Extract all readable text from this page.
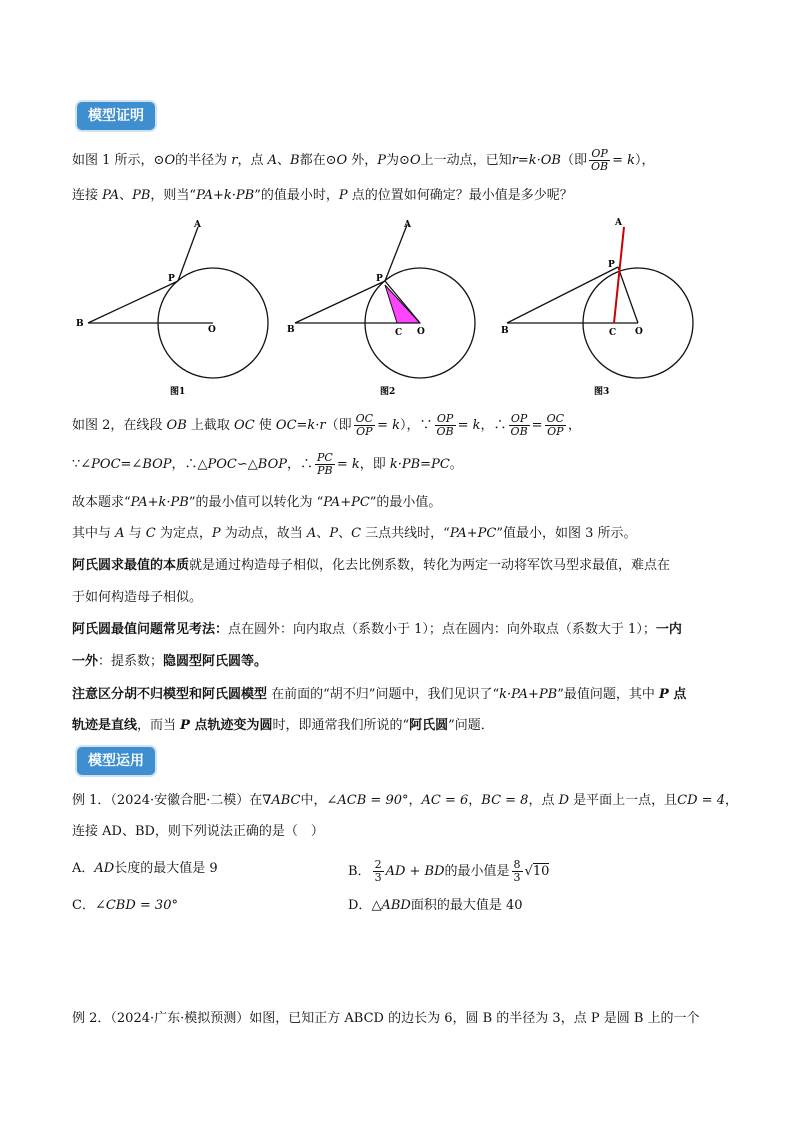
模型证明
如图 1 所示，⊙O的半径为 r，点 A、B都在⊙O 外，P为⊙O上一动点，已知r=k·OB（即 $\frac{OP}{OB} = k$），
连接 PA、PB，则当“PA+k·PB”的值最小时，P 点的位置如何确定？最小值是多少呢？
A
B
P
O
图1
A
B
P
C O
图2
A
B
P
C O
图3
如图 2，在线段 OB 上截取 OC 使 OC=k·r（即 $\frac{OC}{OP} = k$），∵ $\frac{OP}{OB} = k$，∴ $\frac{OP}{OB} = \frac{OC}{OP}$ ，
∵∠POC=∠BOP，∴△POC∽△BOP，∴ $\frac{PC}{PB} = k$，即 k·PB=PC。
故本题求“PA+k·PB”的最小值可以转化为 “PA+PC”的最小值。
其中与 A 与 C 为定点，P 为动点，故当 A、P、C 三点共线时，“PA+PC”值最小，如图 3 所示。
阿氏圆求最值的本质就是通过构造母子相似，化去比例系数，转化为两定一动将军饮马型求最值，难点在
于如何构造母子相似。
阿氏圆最值问题常见考法：点在圆外：向内取点（系数小于 1）；点在圆内：向外取点（系数大于 1）；一内
一外：提系数；隐圆型阿氏圆等。
注意区分胡不归模型和阿氏圆模型 在前面的“胡不归”问题中，我们见识了“k·PA+PB”最值问题，其中 P 点
轨迹是直线，而当 P 点轨迹变为圆时，即通常我们所说的“阿氏圆”问题．
模型运用
例 1．（2024·安徽合肥·二模）在∇ABC中，∠ACB = 90°，AC = 6，BC = 8，点 D 是平面上一点，且CD = 4，
连接 AD、BD，则下列说法正确的是（　）
A．AD长度的最大值是 9	B． $\frac{2}{3}$ AD + BD的最小值是 $\frac{8}{3} √10$
C．∠CBD = 30°	D．△ABD面积的最大值是 40
例 2．（2024·广东·模拟预测）如图，已知正方 ABCD 的边长为 6，圆 B 的半径为 3，点 P 是圆 B 上的一个
